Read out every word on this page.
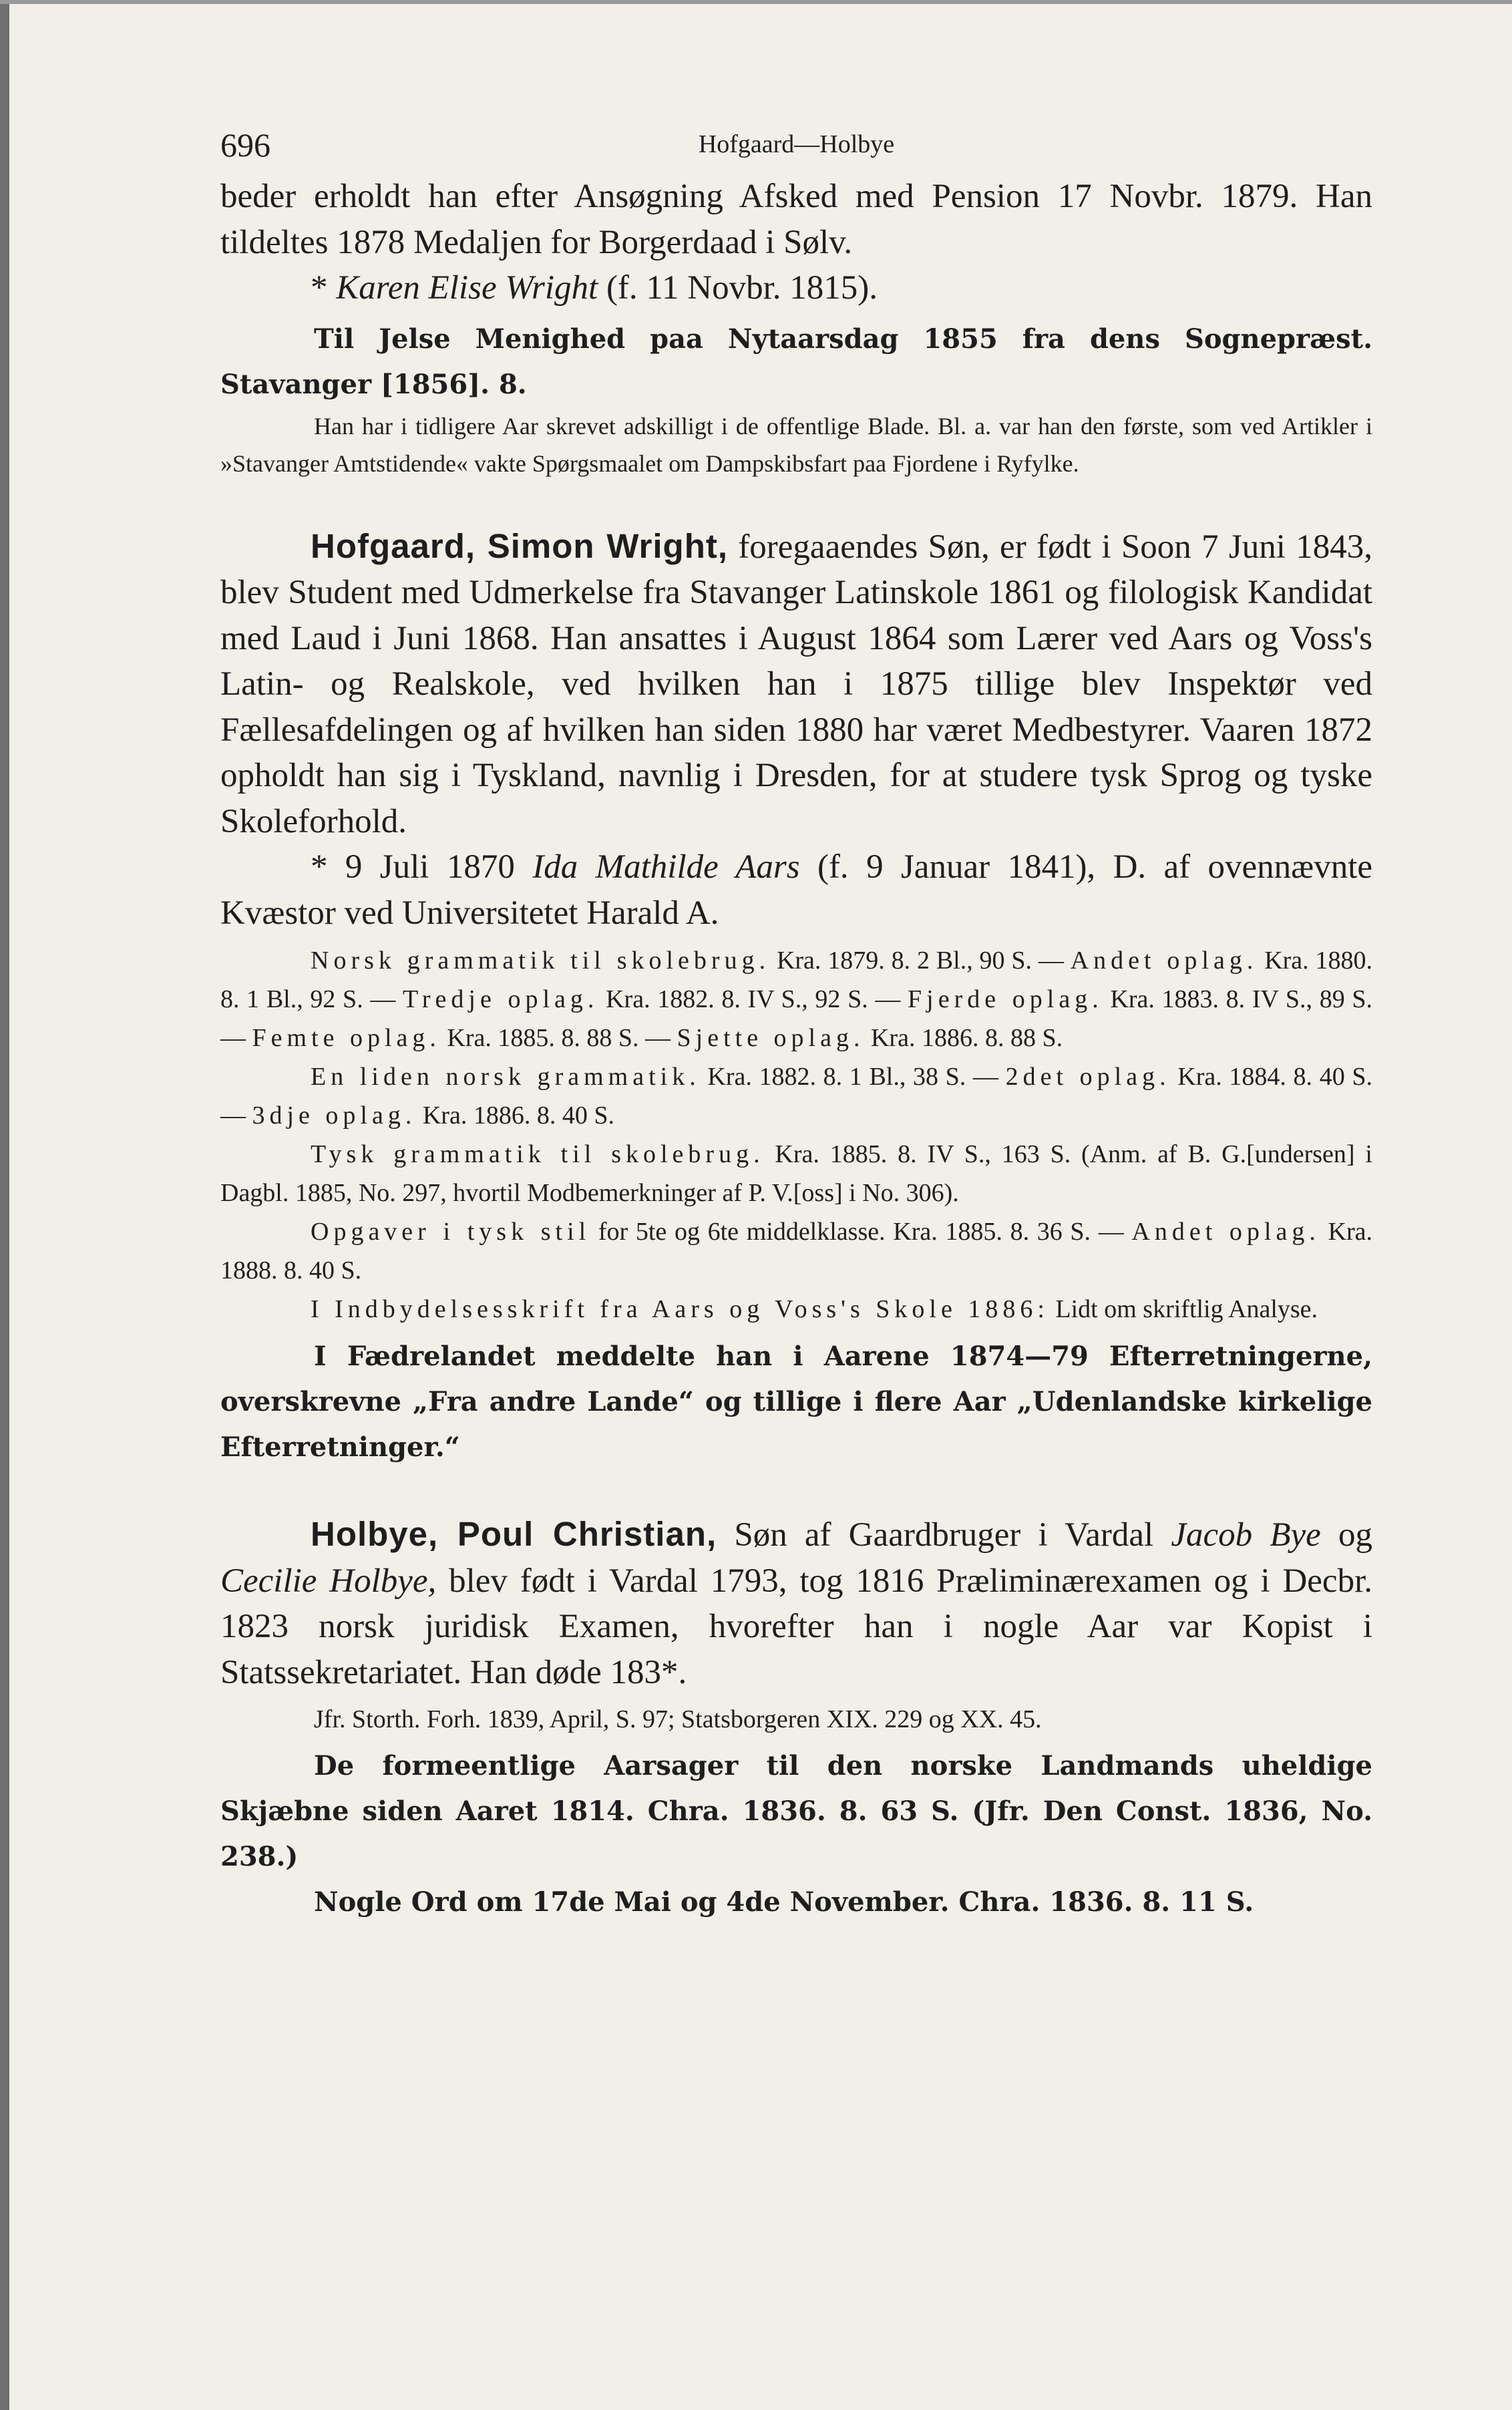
696	Hofgaard—Holbye

beder erholdt han efter Ansøgning Afsked med Pension 17 Novbr. 1879. Han tildeltes 1878 Medaljen for Borgerdaad i Sølv.

* Karen Elise Wright (f. 11 Novbr. 1815).

Til Jelse Menighed paa Nytaarsdag 1855 fra dens Sognepræst. Stavanger [1856]. 8.

Han har i tidligere Aar skrevet adskilligt i de offentlige Blade. Bl. a. var han den første, som ved Artikler i »Stavanger Amtstidende« vakte Spørgsmaalet om Dampskibsfart paa Fjordene i Ryfylke.

Hofgaard, Simon Wright, foregaaendes Søn, er født i Soon 7 Juni 1843, blev Student med Udmerkelse fra Stavanger Latinskole 1861 og filologisk Kandidat med Laud i Juni 1868. Han ansattes i August 1864 som Lærer ved Aars og Voss's Latin- og Realskole, ved hvilken han i 1875 tillige blev Inspektør ved Fællesafdelingen og af hvilken han siden 1880 har været Medbestyrer. Vaaren 1872 opholdt han sig i Tyskland, navnlig i Dresden, for at studere tysk Sprog og tyske Skoleforhold.

* 9 Juli 1870 Ida Mathilde Aars (f. 9 Januar 1841), D. af ovennævnte Kvæstor ved Universitetet Harald A.

Norsk grammatik til skolebrug. Kra. 1879. 8. 2 Bl., 90 S. — Andet oplag. Kra. 1880. 8. 1 Bl., 92 S. — Tredje oplag. Kra. 1882. 8. IV S., 92 S. — Fjerde oplag. Kra. 1883. 8. IV S., 89 S. — Femte oplag. Kra. 1885. 8. 88 S. — Sjette oplag. Kra. 1886. 8. 88 S.

En liden norsk grammatik. Kra. 1882. 8. 1 Bl., 38 S. — 2det oplag. Kra. 1884. 8. 40 S. — 3dje oplag. Kra. 1886. 8. 40 S.

Tysk grammatik til skolebrug. Kra. 1885. 8. IV S., 163 S. (Anm. af B. G.[undersen] i Dagbl. 1885, No. 297, hvortil Modbemerkninger af P. V.[oss] i No. 306).

Opgaver i tysk stil for 5te og 6te middelklasse. Kra. 1885. 8. 36 S. — Andet oplag. Kra. 1888. 8. 40 S.

I Indbydelsesskrift fra Aars og Voss's Skole 1886: Lidt om skriftlig Analyse.

I Fædrelandet meddelte han i Aarene 1874—79 Efterretningerne, overskrevne „Fra andre Lande“ og tillige i flere Aar „Udenlandske kirkelige Efterretninger.“

Holbye, Poul Christian, Søn af Gaardbruger i Vardal Jacob Bye og Cecilie Holbye, blev født i Vardal 1793, tog 1816 Præliminærexamen og i Decbr. 1823 norsk juridisk Examen, hvorefter han i nogle Aar var Kopist i Statssekretariatet. Han døde 183*.

Jfr. Storth. Forh. 1839, April, S. 97; Statsborgeren XIX. 229 og XX. 45.

De formeentlige Aarsager til den norske Landmands uheldige Skjæbne siden Aaret 1814. Chra. 1836. 8. 63 S. (Jfr. Den Const. 1836, No. 238.)

Nogle Ord om 17de Mai og 4de November. Chra. 1836. 8. 11 S.
